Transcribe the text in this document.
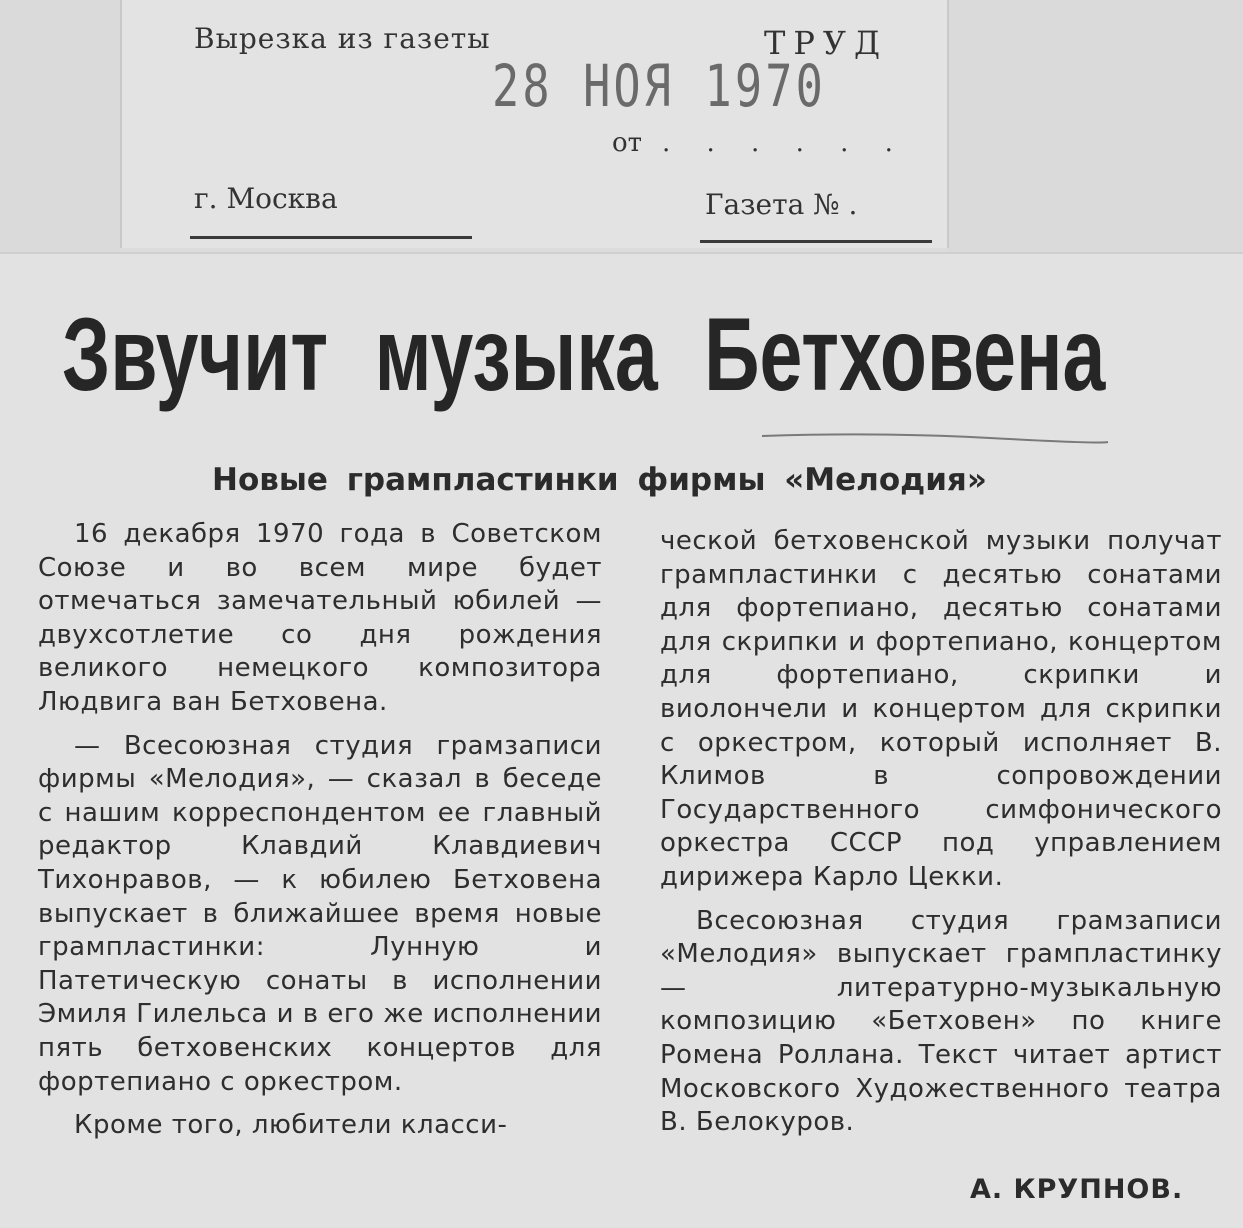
Вырезка из газеты	ТРУД
28 НОЯ 1970
от . . . . . .
г. Москва	Газета № .
Звучит музыка Бетховена
Новые грампластинки фирмы «Мелодия»

16 декабря 1970 года в Советском Союзе и во всем мире будет отмечаться замечательный юбилей — двухсотлетие со дня рождения великого немецкого композитора Людвига ван Бетховена.

— Всесоюзная студия грамзаписи фирмы «Мелодия», — сказал в беседе с нашим корреспондентом ее главный редактор Клавдий Клавдиевич Тихонравов, — к юбилею Бетховена выпускает в ближайшее время новые грампластинки: Лунную и Патетическую сонаты в исполнении Эмиля Гилельса и в его же исполнении пять бетховенских концертов для фортепиано с оркестром.

Кроме того, любители класси-

ческой бетховенской музыки получат грампластинки с десятью сонатами для фортепиано, десятью сонатами для скрипки и фортепиано, концертом для фортепиано, скрипки и виолончели и концертом для скрипки с оркестром, который исполняет В. Климов в сопровождении Государственного симфонического оркестра СССР под управлением дирижера Карло Цекки.

Всесоюзная студия грамзаписи «Мелодия» выпускает грампластинку — литературно-музыкальную композицию «Бетховен» по книге Ромена Роллана. Текст читает артист Московского Художественного театра В. Белокуров.

А. КРУПНОВ.
